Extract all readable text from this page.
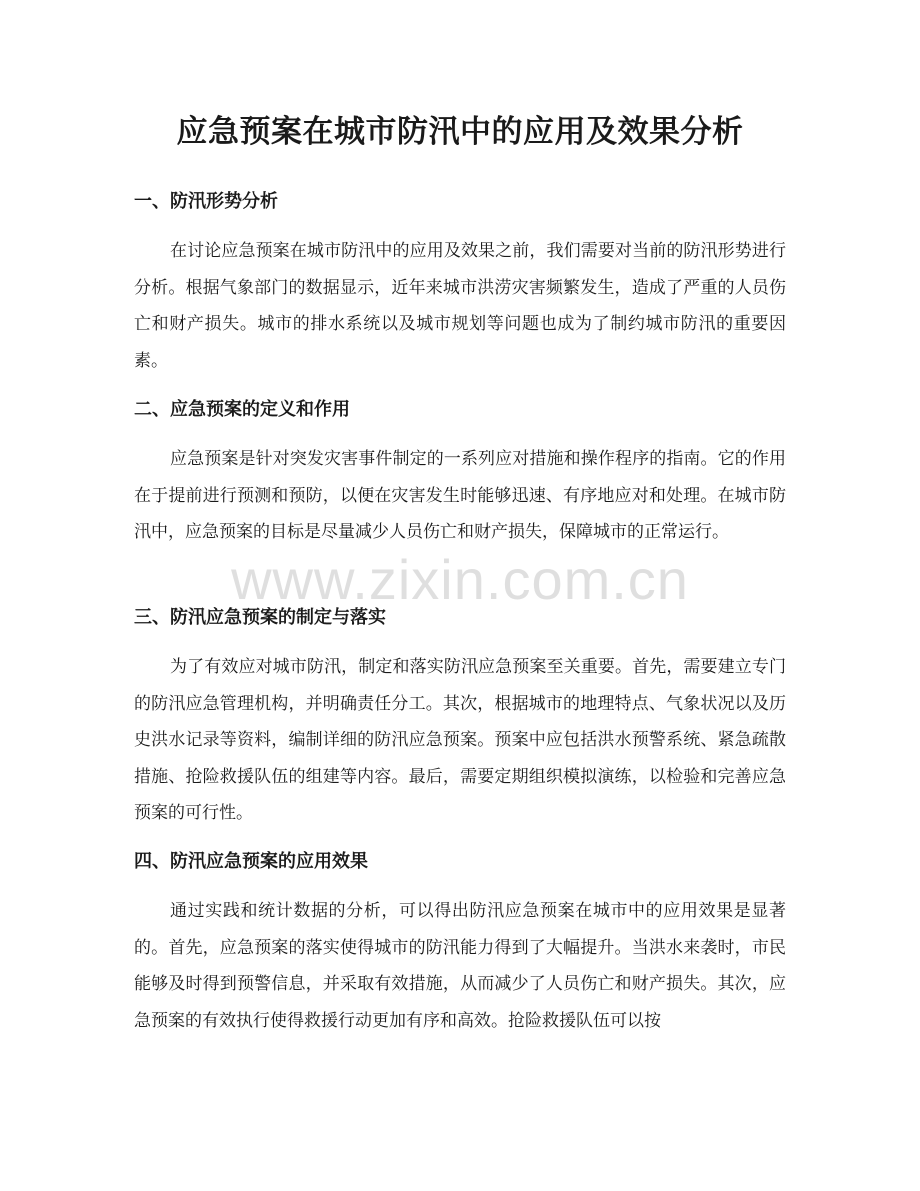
应急预案在城市防汛中的应用及效果分析
一、防汛形势分析

在讨论应急预案在城市防汛中的应用及效果之前，我们需要对当前的防汛形势进行分析。根据气象部门的数据显示，近年来城市洪涝灾害频繁发生，造成了严重的人员伤亡和财产损失。城市的排水系统以及城市规划等问题也成为了制约城市防汛的重要因素。

二、应急预案的定义和作用

应急预案是针对突发灾害事件制定的一系列应对措施和操作程序的指南。它的作用在于提前进行预测和预防，以便在灾害发生时能够迅速、有序地应对和处理。在城市防汛中，应急预案的目标是尽量减少人员伤亡和财产损失，保障城市的正常运行。

三、防汛应急预案的制定与落实

为了有效应对城市防汛，制定和落实防汛应急预案至关重要。首先，需要建立专门的防汛应急管理机构，并明确责任分工。其次，根据城市的地理特点、气象状况以及历史洪水记录等资料，编制详细的防汛应急预案。预案中应包括洪水预警系统、紧急疏散措施、抢险救援队伍的组建等内容。最后，需要定期组织模拟演练，以检验和完善应急预案的可行性。

四、防汛应急预案的应用效果

通过实践和统计数据的分析，可以得出防汛应急预案在城市中的应用效果是显著的。首先，应急预案的落实使得城市的防汛能力得到了大幅提升。当洪水来袭时，市民能够及时得到预警信息，并采取有效措施，从而减少了人员伤亡和财产损失。其次，应急预案的有效执行使得救援行动更加有序和高效。抢险救援队伍可以按

www.zixin.com.cn
